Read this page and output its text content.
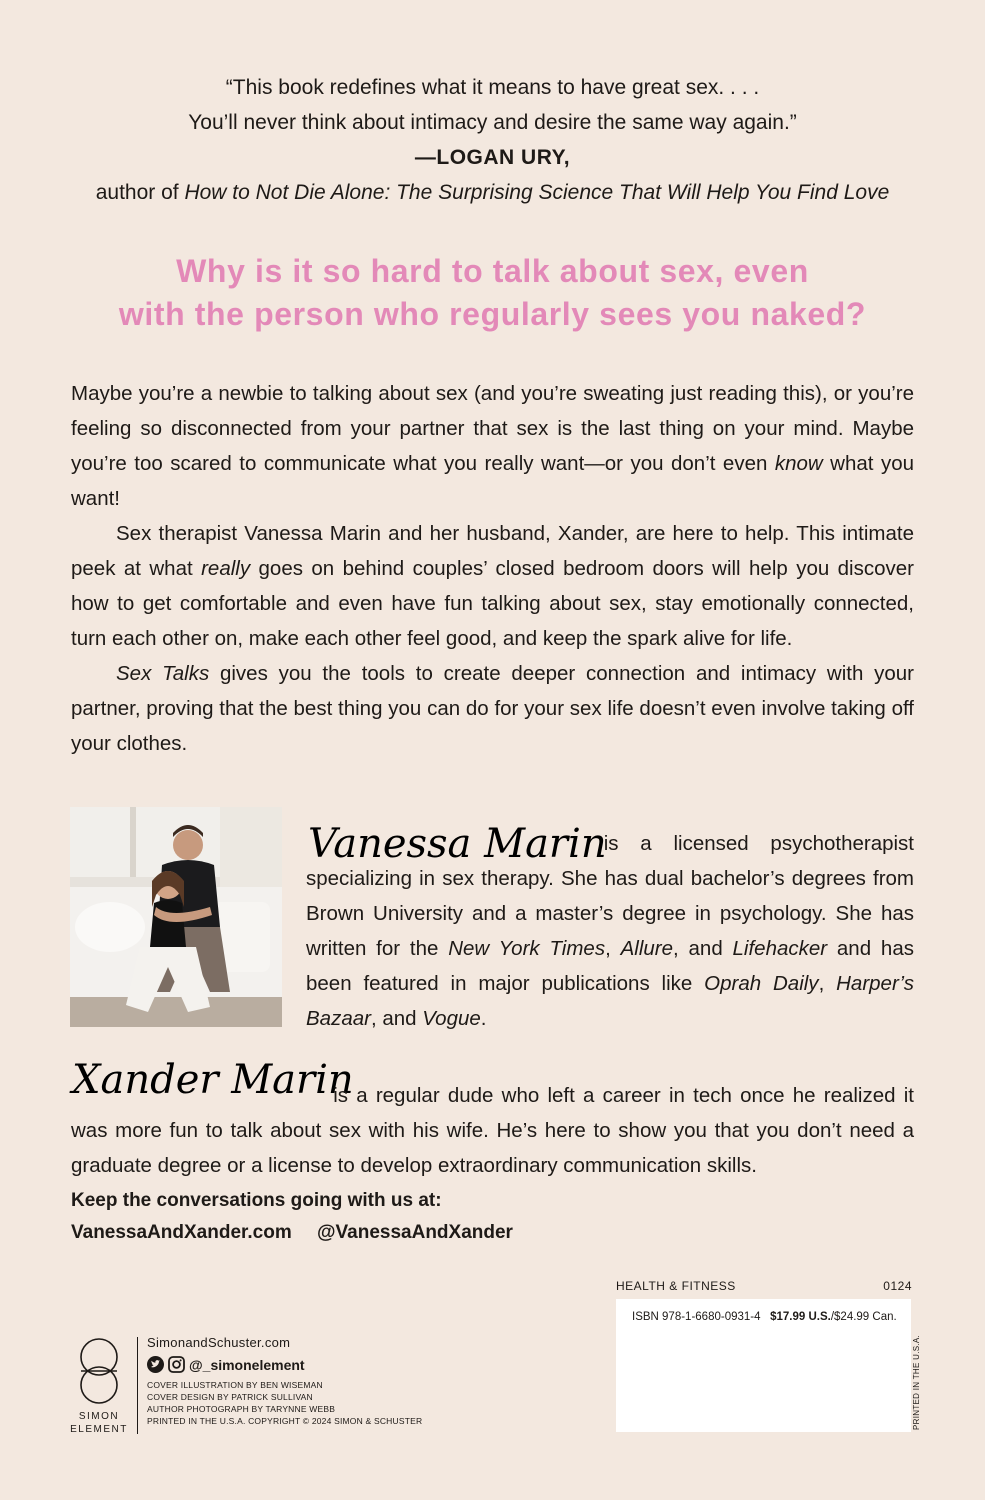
“This book redefines what it means to have great sex. . . .
You’ll never think about intimacy and desire the same way again.”
—LOGAN URY,
author of How to Not Die Alone: The Surprising Science That Will Help You Find Love
Why is it so hard to talk about sex, even
with the person who regularly sees you naked?

Maybe you’re a newbie to talking about sex (and you’re sweating just reading this), or you’re feeling so disconnected from your partner that sex is the last thing on your mind. Maybe you’re too scared to communicate what you really want—or you don’t even know what you want!

Sex therapist Vanessa Marin and her husband, Xander, are here to help. This intimate peek at what really goes on behind couples’ closed bedroom doors will help you discover how to get comfortable and even have fun talking about sex, stay emotionally connected, turn each other on, make each other feel good, and keep the spark alive for life.

Sex Talks gives you the tools to create deeper connection and intimacy with your partner, proving that the best thing you can do for your sex life doesn’t even involve taking off your clothes.

Vanessa Marin
is a licensed psychotherapist specializing in sex therapy. She has dual bachelor’s degrees from Brown University and a master’s degree in psychology. She has written for the New York Times, Allure, and Lifehacker and has been featured in major publications like Oprah Daily, Harper’s Bazaar, and Vogue.
Xander Marin
is a regular dude who left a career in tech once he realized it was more fun to talk about sex with his wife. He’s here to show you that you don’t need a graduate degree or a license to develop extraordinary communication skills.
Keep the conversations going with us at:
VanessaAndXander.com @VanessaAndXander
SIMON
ELEMENT
SimonandSchuster.com
@_simonelement
COVER ILLUSTRATION BY BEN WISEMAN
COVER DESIGN BY PATRICK SULLIVAN
AUTHOR PHOTOGRAPH BY TARYNNE WEBB
PRINTED IN THE U.S.A. COPYRIGHT © 2024 SIMON & SCHUSTER
HEALTH & FITNESS	0124
ISBN 978-1-6680-0931-4 $17.99 U.S./$24.99 Can.
PRINTED IN THE U.S.A.
